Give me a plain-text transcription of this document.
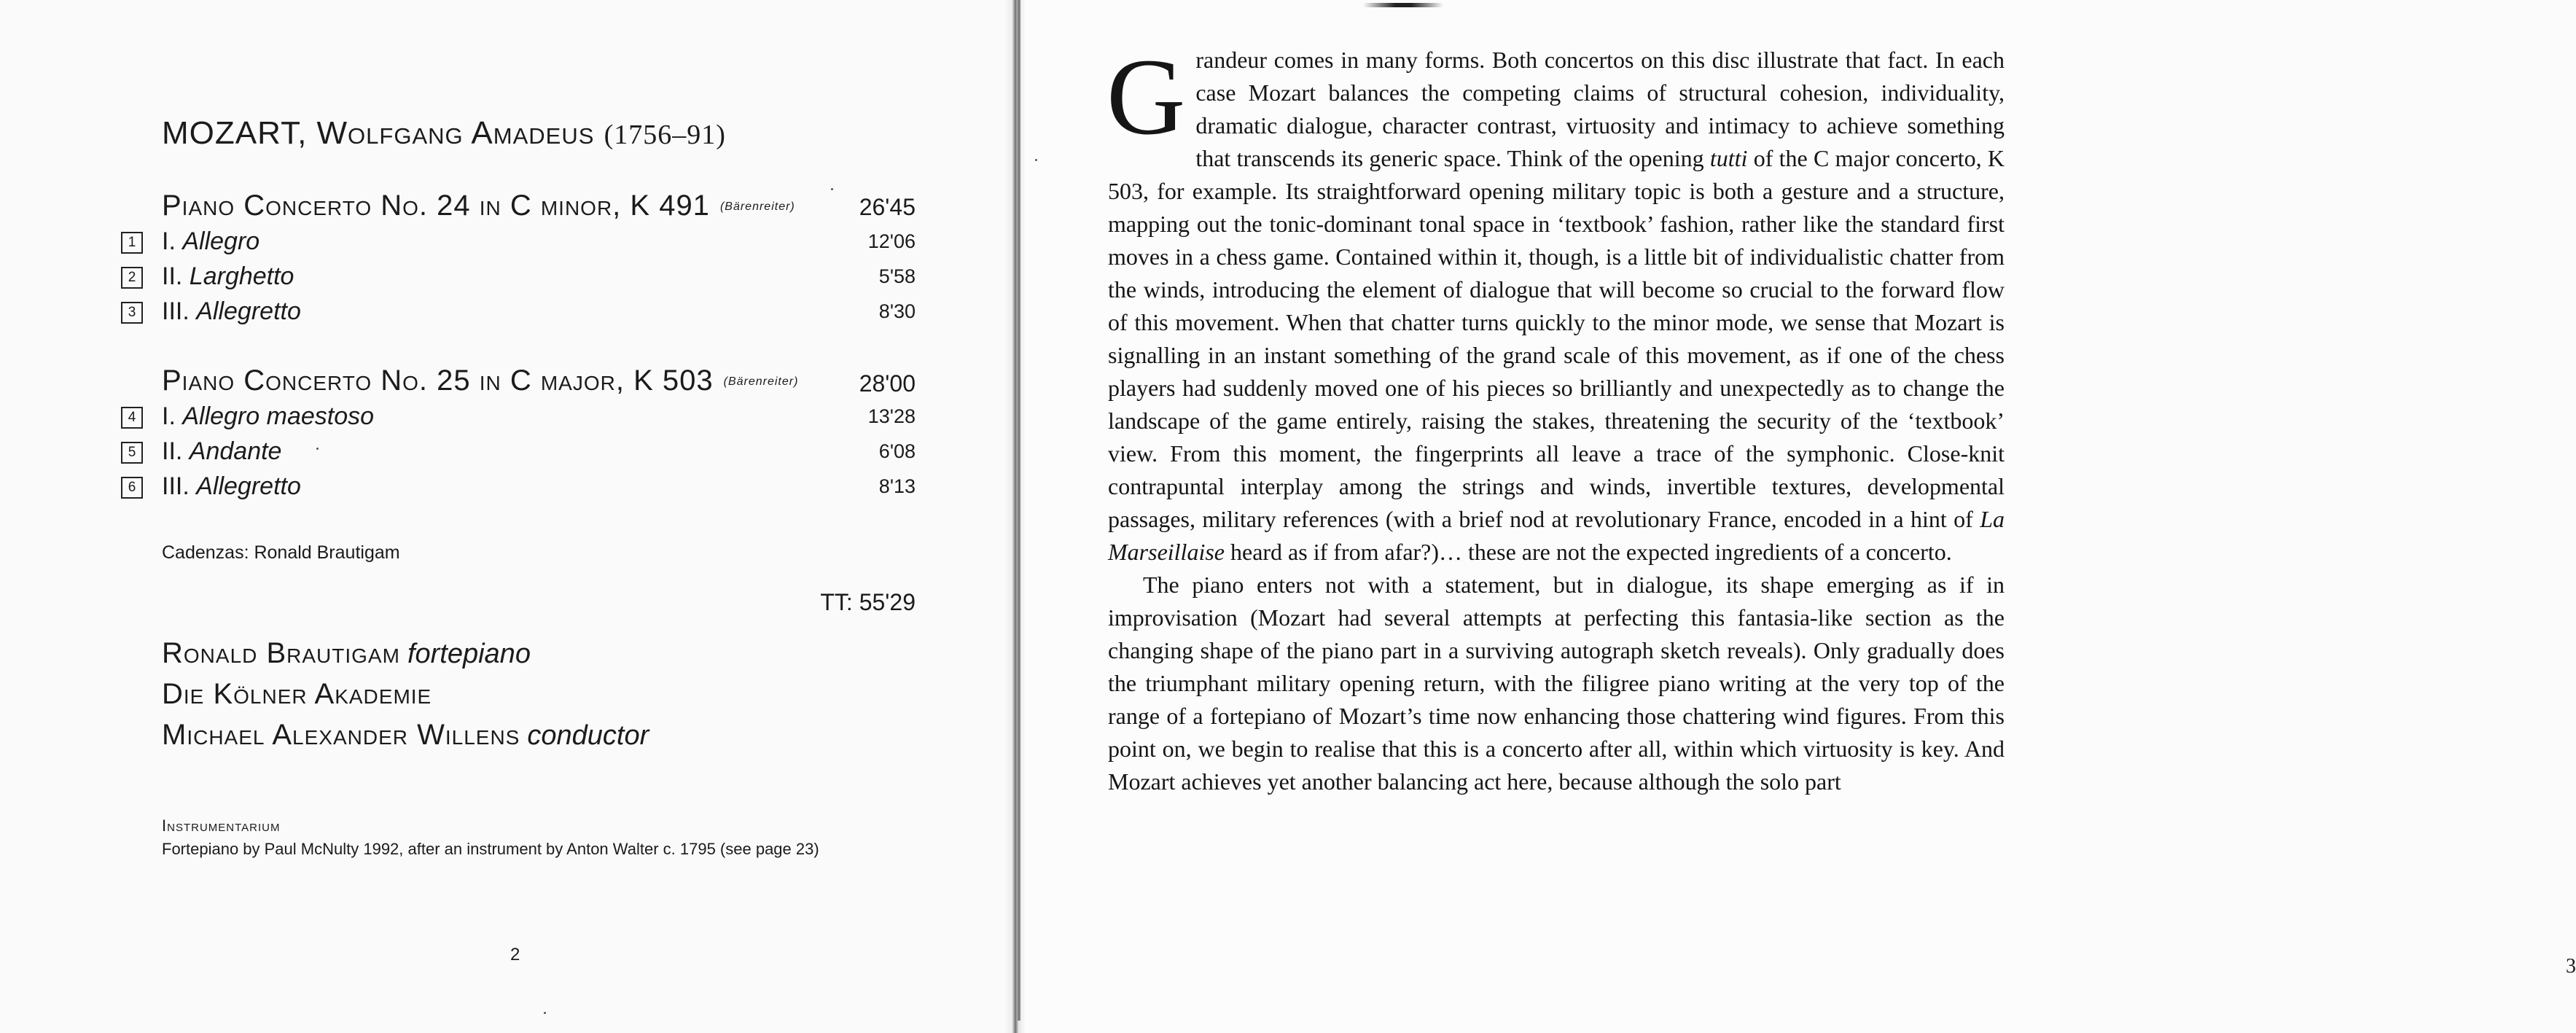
MOZART, Wolfgang Amadeus (1756–91)
Piano Concerto No. 24 in C minor, K 491 (Bärenreiter)	26'45
1 I. Allegro	12'06
2 II. Larghetto	5'58
3 III. Allegretto	8'30
Piano Concerto No. 25 in C major, K 503 (Bärenreiter)	28'00
4 I. Allegro maestoso	13'28
5 II. Andante	6'08
6 III. Allegretto	8'13
Cadenzas: Ronald Brautigam
TT: 55'29
Ronald Brautigam fortepiano
Die Kölner Akademie
Michael Alexander Willens conductor
Instrumentarium
Fortepiano by Paul McNulty 1992, after an instrument by Anton Walter c. 1795 (see page 23)
2

Grandeur comes in many forms. Both concertos on this disc illustrate that fact. In each case Mozart balances the competing claims of structural cohesion, individuality, dramatic dialogue, character contrast, virtuosity and intimacy to achieve something that transcends its generic space. Think of the opening tutti of the C major concerto, K 503, for example. Its straightforward opening military topic is both a gesture and a structure, mapping out the tonic-dominant tonal space in ‘textbook’ fashion, rather like the standard first moves in a chess game. Contained within it, though, is a little bit of individualistic chatter from the winds, introducing the element of dialogue that will become so crucial to the forward flow of this movement. When that chatter turns quickly to the minor mode, we sense that Mozart is signalling in an instant something of the grand scale of this movement, as if one of the chess players had suddenly moved one of his pieces so brilliantly and unexpectedly as to change the landscape of the game entirely, raising the stakes, threatening the security of the ‘textbook’ view. From this moment, the fingerprints all leave a trace of the symphonic. Close-knit contrapuntal interplay among the strings and winds, invertible textures, developmental passages, military references (with a brief nod at revolutionary France, encoded in a hint of La Marseillaise heard as if from afar?)… these are not the expected ingredients of a concerto.

The piano enters not with a statement, but in dialogue, its shape emerging as if in improvisation (Mozart had several attempts at perfecting this fantasia-like section as the changing shape of the piano part in a surviving autograph sketch reveals). Only gradually does the triumphant military opening return, with the filigree piano writing at the very top of the range of a fortepiano of Mozart’s time now enhancing those chattering wind figures. From this point on, we begin to realise that this is a concerto after all, within which virtuosity is key. And Mozart achieves yet another balancing act here, because although the solo part

3
